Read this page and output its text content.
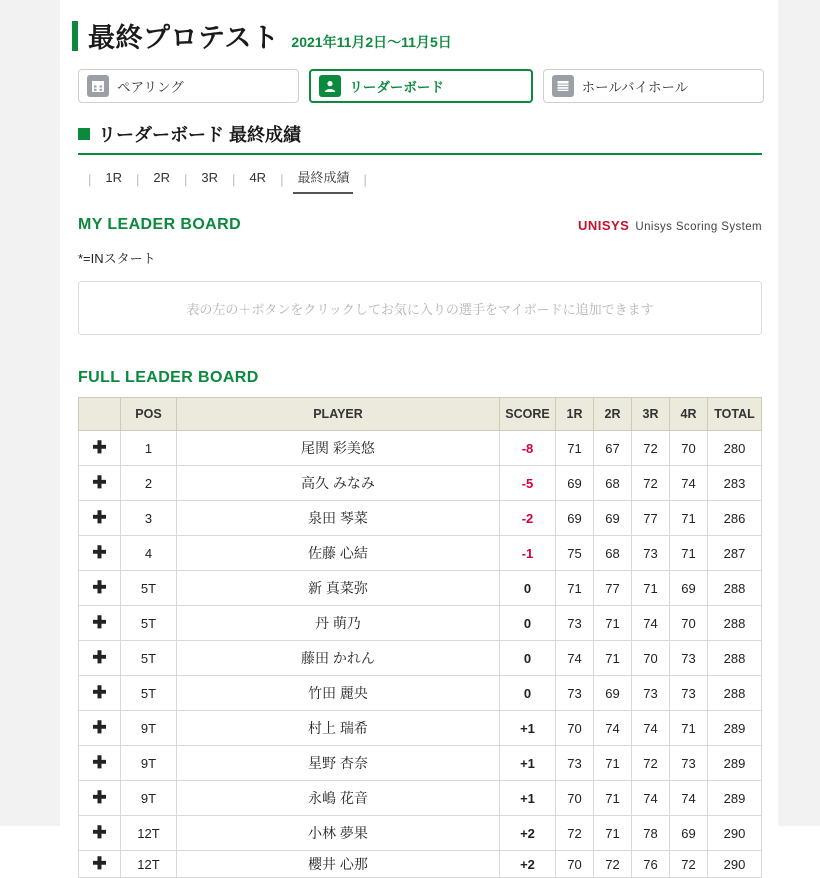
最終プロテスト 2021年11月2日〜11月5日
ペアリング	リーダーボード	ホールバイホール
リーダーボード 最終成績
|	1R	|	2R	|	3R	|	4R	|	最終成績	|
MY LEADER BOARD	UNISYS Unisys Scoring System
*=INスタート
表の左の＋ボタンをクリックしてお気に入りの選手をマイボードに追加できます
FULL LEADER BOARD
	POS	PLAYER	SCORE	1R	2R	3R	4R	TOTAL
✚	1	尾関 彩美悠	-8	71	67	72	70	280
✚	2	高久 みなみ	-5	69	68	72	74	283
✚	3	泉田 琴菜	-2	69	69	77	71	286
✚	4	佐藤 心結	-1	75	68	73	71	287
✚	5T	新 真菜弥	0	71	77	71	69	288
✚	5T	丹 萌乃	0	73	71	74	70	288
✚	5T	藤田 かれん	0	74	71	70	73	288
✚	5T	竹田 麗央	0	73	69	73	73	288
✚	9T	村上 瑞希	+1	70	74	74	71	289
✚	9T	星野 杏奈	+1	73	71	72	73	289
✚	9T	永嶋 花音	+1	70	71	74	74	289
✚	12T	小林 夢果	+2	72	71	78	69	290
✚	12T	櫻井 心那	+2	70	72	76	72	290
